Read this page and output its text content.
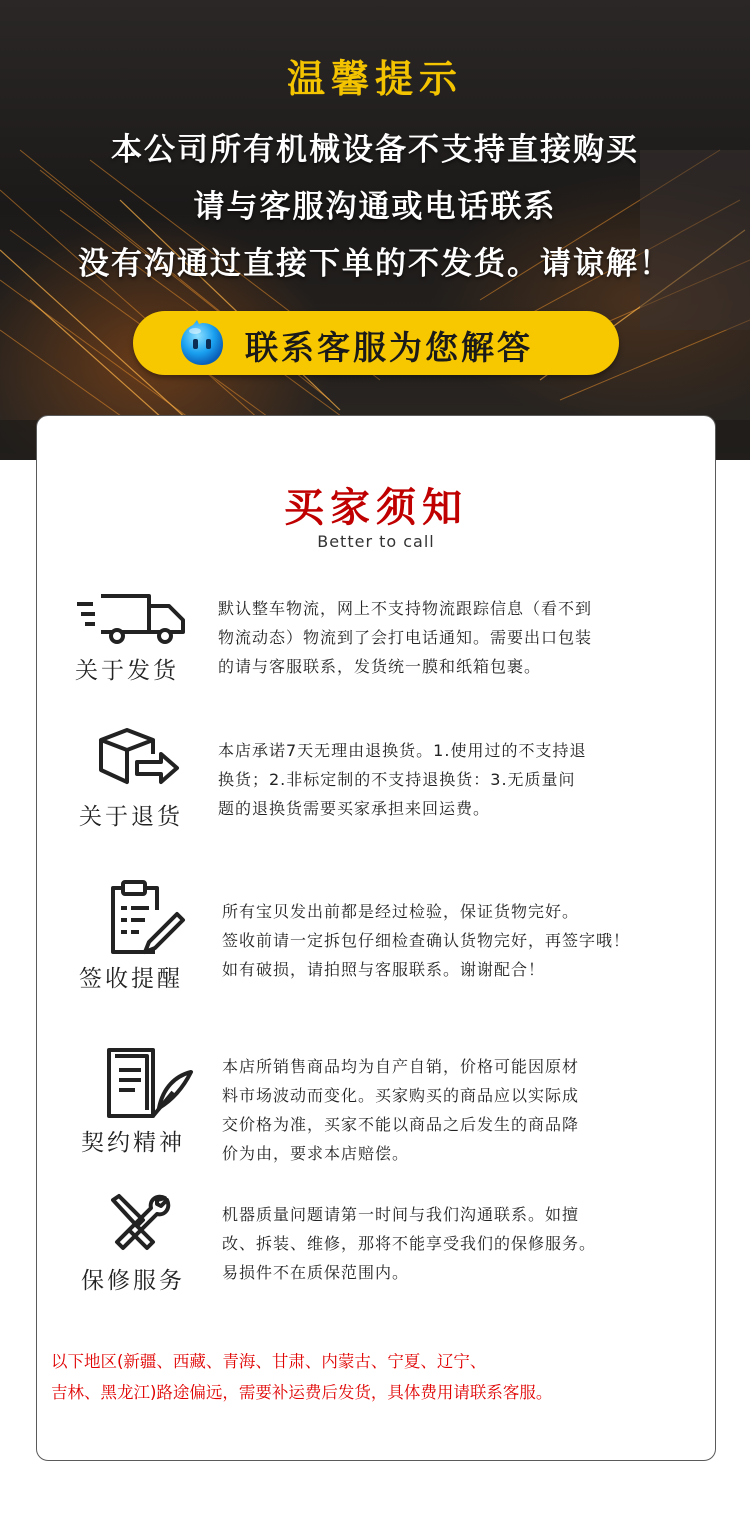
温馨提示
本公司所有机械设备不支持直接购买
请与客服沟通或电话联系
没有沟通过直接下单的不发货。请谅解！
联系客服为您解答
买家须知
Better to call
关于发货
默认整车物流，网上不支持物流跟踪信息（看不到
物流动态）物流到了会打电话通知。需要出口包装
的请与客服联系，发货统一膜和纸箱包裹。
关于退货
本店承诺7天无理由退换货。1.使用过的不支持退
换货；2.非标定制的不支持退换货：3.无质量问
题的退换货需要买家承担来回运费。
签收提醒
所有宝贝发出前都是经过检验，保证货物完好。
签收前请一定拆包仔细检查确认货物完好，再签字哦！
如有破损，请拍照与客服联系。谢谢配合！
契约精神
本店所销售商品均为自产自销，价格可能因原材
料市场波动而变化。买家购买的商品应以实际成
交价格为准，买家不能以商品之后发生的商品降
价为由，要求本店赔偿。
保修服务
机器质量问题请第一时间与我们沟通联系。如擅
改、拆装、维修，那将不能享受我们的保修服务。
易损件不在质保范围内。
以下地区(新疆、西藏、青海、甘肃、内蒙古、宁夏、辽宁、
吉林、黑龙江)路途偏远，需要补运费后发货，具体费用请联系客服。
